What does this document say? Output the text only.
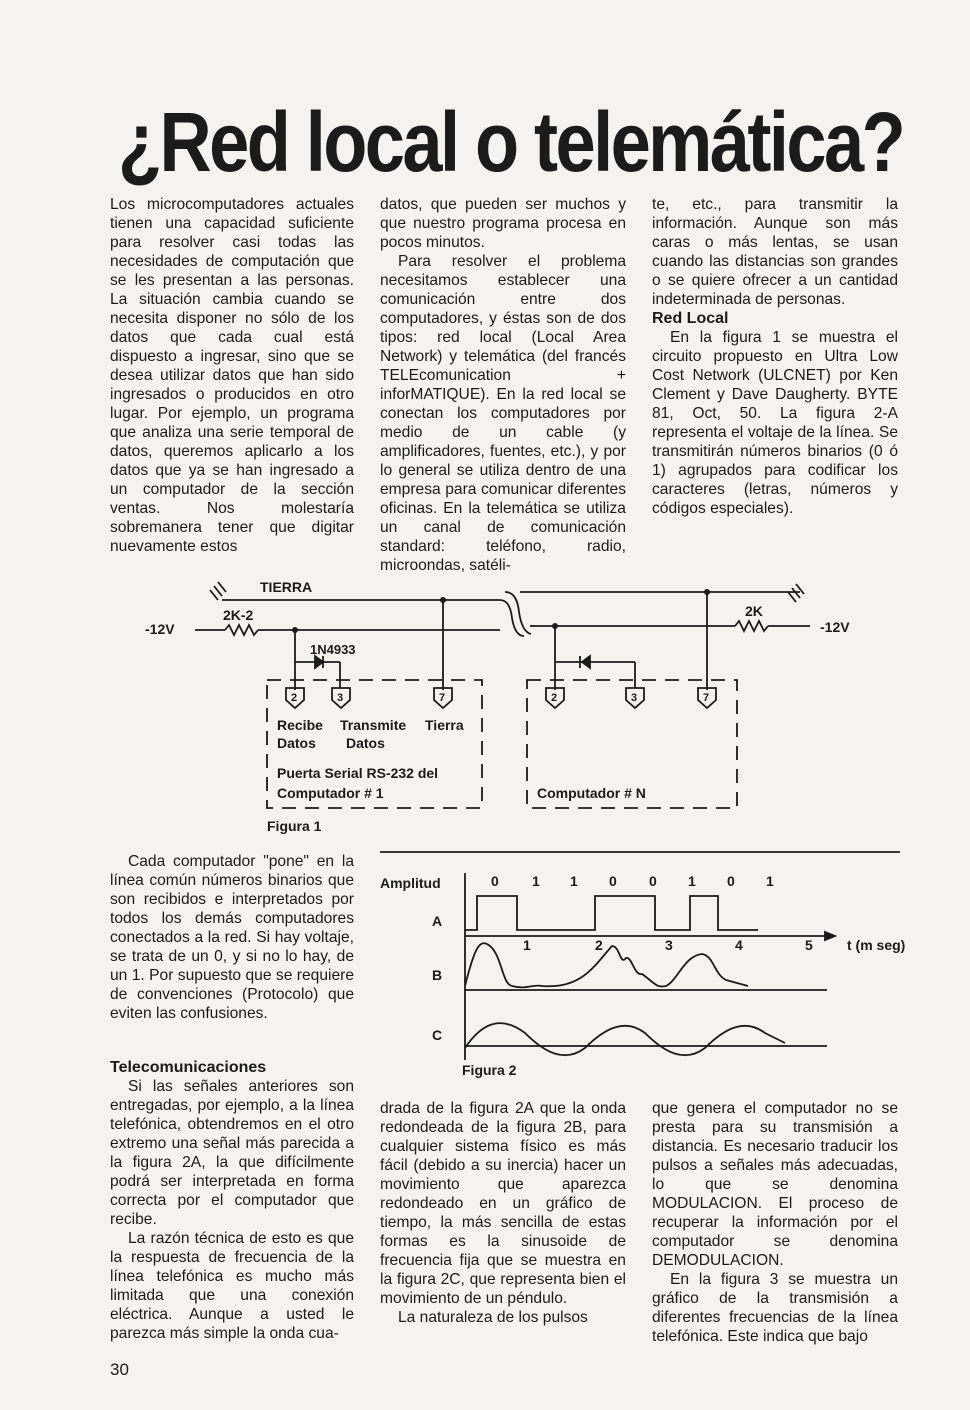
¿Red local o telemática?

Los microcomputadores actuales tienen una capacidad suficiente para resolver casi todas las necesidades de computación que se les presentan a las personas. La situación cambia cuando se necesita disponer no sólo de los datos que cada cual está dispuesto a ingresar, sino que se desea utilizar datos que han sido ingresados o producidos en otro lugar. Por ejemplo, un programa que analiza una serie temporal de datos, queremos aplicarlo a los datos que ya se han ingresado a un computador de la sección ventas. Nos molestaría sobremanera tener que digitar nuevamente estos

datos, que pueden ser muchos y que nuestro programa procesa en pocos minutos.

Para resolver el problema necesitamos establecer una comunicación entre dos computadores, y éstas son de dos tipos: red local (Local Area Network) y telemática (del francés TELEcomunication + inforMATIQUE). En la red local se conectan los computadores por medio de un cable (y amplificadores, fuentes, etc.), y por lo general se utiliza dentro de una empresa para comunicar diferentes oficinas. En la telemática se utiliza un canal de comunicación standard: teléfono, radio, microondas, satéli-

te, etc., para transmitir la información. Aunque son más caras o más lentas, se usan cuando las distancias son grandes o se quiere ofrecer a un cantidad indeterminada de personas.

Red Local

En la figura 1 se muestra el circuito propuesto en Ultra Low Cost Network (ULCNET) por Ken Clement y Dave Daugherty. BYTE 81, Oct, 50. La figura 2-A representa el voltaje de la línea. Se transmitirán números binarios (0 ó 1) agrupados para codificar los caracteres (letras, números y códigos especiales).

TIERRA
2K-2	2K
-12V	-12V
1N4933
2	3	7	2	3	7
Recibe Transmite Tierra
Datos Datos
Puerta Serial RS-232 del
Computador # 1	Computador # N
Figura 1

Cada computador "pone" en la línea común números binarios que son recibidos e interpretados por todos los demás computadores conectados a la red. Si hay voltaje, se trata de un 0, y si no lo hay, de un 1. Por supuesto que se requiere de convenciones (Protocolo) que eviten las confusiones.

Amplitud	0 1 1 0 0 1 0 1
A
B
C
1	2	3	4	5 t (m seg)
Figura 2

Telecomunicaciones

Si las señales anteriores son entregadas, por ejemplo, a la línea telefónica, obtendremos en el otro extremo una señal más parecida a la figura 2A, la que difícilmente podrá ser interpretada en forma correcta por el computador que recibe.

La razón técnica de esto es que la respuesta de frecuencia de la línea telefónica es mucho más limitada que una conexión eléctrica. Aunque a usted le parezca más simple la onda cua-

drada de la figura 2A que la onda redondeada de la figura 2B, para cualquier sistema físico es más fácil (debido a su inercia) hacer un movimiento que aparezca redondeado en un gráfico de tiempo, la más sencilla de estas formas es la sinusoide de frecuencia fija que se muestra en la figura 2C, que representa bien el movimiento de un péndulo.

La naturaleza de los pulsos

que genera el computador no se presta para su transmisión a distancia. Es necesario traducir los pulsos a señales más adecuadas, lo que se denomina MODULACION. El proceso de recuperar la información por el computador se denomina DEMODULACION.

En la figura 3 se muestra un gráfico de la transmisión a diferentes frecuencias de la línea telefónica. Este indica que bajo

30
